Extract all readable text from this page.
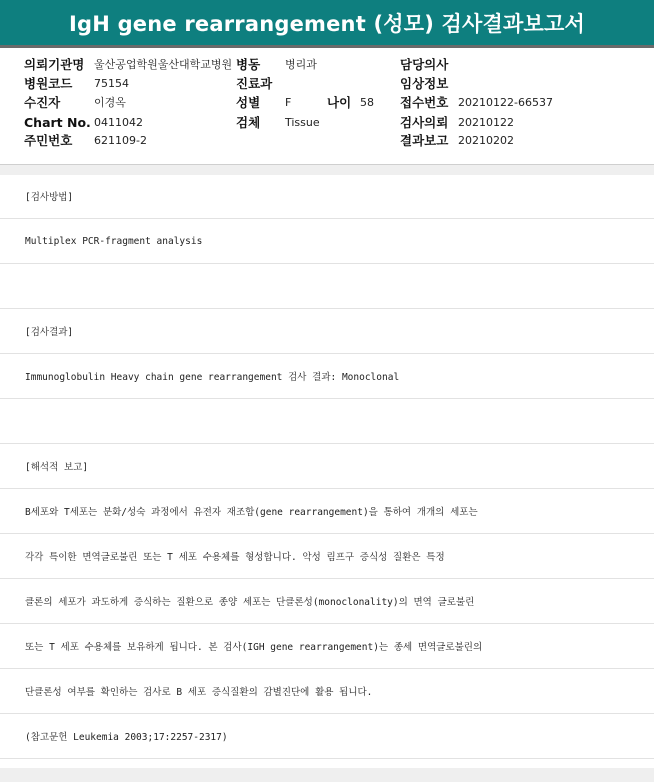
IgH gene rearrangement (성모) 검사결과보고서
의뢰기관명 울산공업학원울산대학교병원 병동 병리과	담당의사
병원코드 75154	진료과	임상정보
수진자	이경옥	성별 F	나이 58 접수번호 20210122-66537
Chart No. 0411042	검체 Tissue	검사의뢰 20210122
주민번호 621109-2	결과보고 20210202
[검사방법]
Multiplex PCR-fragment analysis
[검사결과]
Immunoglobulin Heavy chain gene rearrangement 검사 결과: Monoclonal
[해석적 보고]
B세포와 T세포는 분화/성숙 과정에서 유전자 재조합(gene rearrangement)을 통하여 개개의 세포는
각각 특이한 면역글로불린 또는 T 세포 수용체를 형성합니다. 악성 림프구 증식성 질환은 특정
클론의 세포가 과도하게 증식하는 질환으로 종양 세포는 단클론성(monoclonality)의 면역 글로불린
또는 T 세포 수용체를 보유하게 됩니다. 본 검사(IGH gene rearrangement)는 종세 면역글로불린의
단클론성 여부를 확인하는 검사로 B 세포 증식질환의 감별진단에 활용 됩니다.
(참고문헌 Leukemia 2003;17:2257-2317)
